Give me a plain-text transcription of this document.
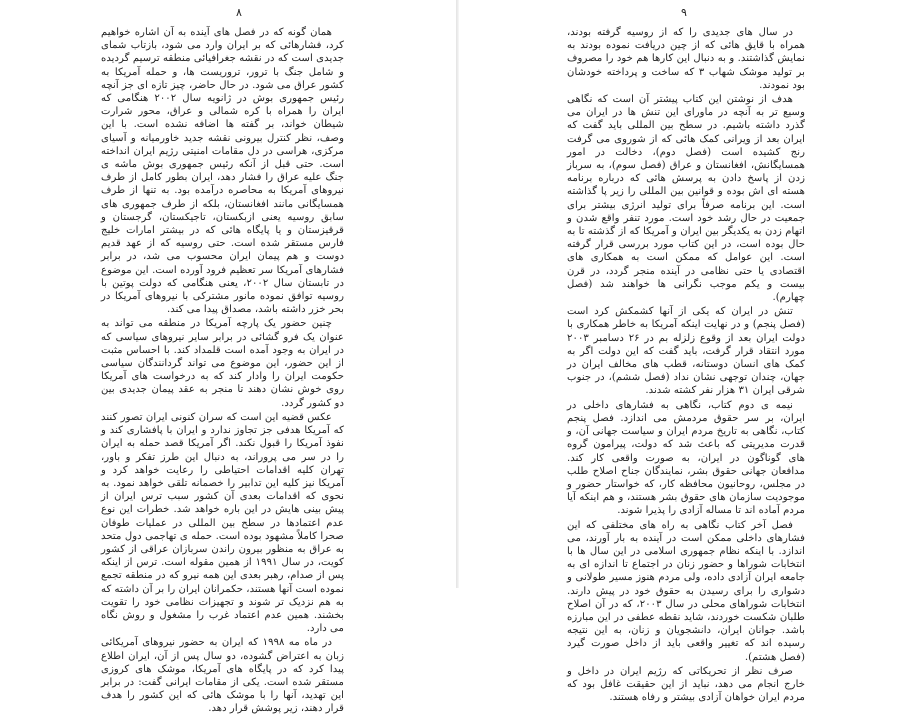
۸

همان گونه که در فصل های آینده به آن اشاره خواهیم کرد، فشارهائی که بر ایران وارد می شود، بازتاب شمای جدیدی است که در نقشه جغرافیائی منطقه ترسیم گردیده و شامل جنگ با ترور، تروریست ها، و حمله آمریکا به کشور عراق می شود. در حال حاضر، چیز تازه ای جز آنچه رئیس جمهوری بوش در ژانویه سال ۲۰۰۲ هنگامی که ایران را همراه با کره شمالی و عراق، محور شرارت شیطان خواند، بر گفته ها اضافه نشده است. با این وصف، نظر کنترل بیرونی نقشه جدید خاورمیانه و آسیای مرکزی، هراسی در دل مقامات امنیتی رژیم ایران انداخته است. حتی قبل از آنکه رئیس جمهوری بوش ماشه ی جنگ علیه عراق را فشار دهد، ایران بطور کامل از طرف نیروهای آمریکا به محاصره درآمده بود. به تنها از طرف همسایگانی مانند افغانستان، بلکه از طرف جمهوری های سابق روسیه یعنی ازبکستان، تاجیکستان، گرجستان و قرقیزستان و یا پایگاه هائی که در بیشتر امارات خلیج فارس مستقر شده است. حتی روسیه که از عهد قدیم دوست و هم پیمان ایران محسوب می شد، در برابر فشارهای آمریکا سر تعظیم فرود آورده است. این موضوع در تابستان سال ۲۰۰۲، یعنی هنگامی که دولت پوتین با روسیه توافق نموده مانور مشترکی با نیروهای آمریکا در بحر خزر داشته باشد، مصداق پیدا می کند.

چنین حضور یک پارچه آمریکا در منطقه می تواند به عنوان یک فرو گشائی در برابر سایر نیروهای سیاسی که در ایران به وجود آمده است قلمداد کند. با احساس مثبت از این حضور، این موضوع می تواند گردانندگان سیاسی حکومت ایران را وادار کند که به درخواست های آمریکا روی خوش نشان دهند تا منجر به عقد پیمان جدیدی بین دو کشور گردد.

عکس قضیه این است که سران کنونی ایران تصور کنند که آمریکا هدفی جز تجاوز ندارد و ایران با پافشاری کند و نفوذ آمریکا را قبول نکند. اگر آمریکا قصد حمله به ایران را در سر می پروراند، به دنبال این طرز تفکر و باور، تهران کلیه اقدامات احتیاطی را رعایت خواهد کرد و آمریکا نیز کلیه این تدابیر را خصمانه تلقی خواهد نمود. به نحوی که اقدامات بعدی آن کشور سبب ترس ایران از پیش بینی هایش در این باره خواهد شد. خطرات این نوع عدم اعتمادها در سطح بین المللی در عملیات طوفان صحرا کاملاً مشهود بوده است. حمله ی تهاجمی دول متحد به عراق به منظور بیرون راندن سربازان عراقی از کشور کویت، در سال ۱۹۹۱ از همین مقوله است. ترس از اینکه پس از صدام، رهبر بعدی این همه نیرو که در منطقه تجمع نموده است آنها هستند، حکمرانان ایران را بر آن داشته که به هم نزدیک تر شوند و تجهیزات نظامی خود را تقویت بخشند. همین عدم اعتماد غرب را مشغول و روش نگاه می دارد.

در ماه مه ۱۹۹۸ که ایران به حضور نیروهای آمریکائی زبان به اعتراض گشوده، دو سال پس از آن، ایران اطلاع پیدا کرد که در پایگاه های آمریکا، موشک های کروزی مستقر شده است. یکی از مقامات ایرانی گفت: در برابر این تهدید، آنها را با موشک هائی که این کشور را هدف قرار دهند، زیر پوشش قرار دهد.

۹

در سال های جدیدی را که از روسیه گرفته بودند، همراه با قایق هائی که از چین دریافت نموده بودند به نمایش گذاشتند. و به دنبال این کارها هم خود را مصروف بر تولید موشک شهاب ۳ که ساخت و پرداخته خودشان بود نمودند.

هدف از نوشتن این کتاب پیشتر آن است که نگاهی وسیع تر به آنچه در ماورای این تنش ها در ایران می گذرد داشته باشیم. در سطح بین المللی باید گفت که ایران بعد از ویرانی کمک هائی که از شوروی می گرفت رنج کشیده است (فصل دوم)، دخالت در امور همسایگانش، افغانستان و عراق (فصل سوم)، به سرباز زدن از پاسخ دادن به پرسش هائی که درباره برنامه هسته ای اش بوده و قوانین بین المللی را زیر پا گذاشته است. این برنامه صرفاً برای تولید انرژی بیشتر برای جمعیت در حال رشد خود است. مورد تنفر واقع شدن و اتهام زدن به یکدیگر بین ایران و آمریکا که از گذشته تا به حال بوده است، در این کتاب مورد بررسی قرار گرفته است. این عوامل که ممکن است به همکاری های اقتصادی یا حتی نظامی در آینده منجر گردد، در قرن بیست و یکم موجب نگرانی ها خواهند شد (فصل چهارم).

تنش در ایران که یکی از آنها کشمکش کرد است (فصل پنجم) و در نهایت اینکه آمریکا به خاطر همکاری با دولت ایران بعد از وقوع زلزله بم در ۲۶ دسامبر ۲۰۰۳ مورد انتقاد قرار گرفت، باید گفت که این دولت اگر به کمک های انسان دوستانه، قطب های مخالف ایران در جهان، چندان توجهی نشان نداد (فصل ششم)، در جنوب شرقی ایران ۳۱ هزار نفر کشته شدند.

نیمه ی دوم کتاب، نگاهی به فشارهای داخلی در ایران، بر سر حقوق مردمش می اندازد. فصل پنجم کتاب، نگاهی به تاریخ مردم ایران و سیاست جهانی آن، و قدرت مدیریتی که باعث شد که دولت، پیرامون گروه های گوناگون در ایران، به صورت واقعی کار کند. مدافعان جهانی حقوق بشر، نمایندگان جناح اصلاح طلب در مجلس، روحانیون محافظه کار، که خواستار حضور و موجودیت سازمان های حقوق بشر هستند، و هم اینکه آیا مردم آماده اند تا مساله آزادی را پذیرا شوند.

فصل آخر کتاب نگاهی به راه های مختلفی که این فشارهای داخلی ممکن است در آینده به بار آورند، می اندازد. با اینکه نظام جمهوری اسلامی در این سال ها با انتخابات شوراها و حضور زنان در اجتماع تا اندازه ای به جامعه ایران آزادی داده، ولی مردم هنوز مسیر طولانی و دشواری را برای رسیدن به حقوق خود در پیش دارند. انتخابات شوراهای محلی در سال ۲۰۰۳، که در آن اصلاح طلبان شکست خوردند، شاید نقطه عطفی در این مبارزه باشد. جوانان ایران، دانشجویان و زنان، به این نتیجه رسیده اند که تغییر واقعی باید از داخل صورت گیرد (فصل هشتم).

صرف نظر از تحریکاتی که رژیم ایران در داخل و خارج انجام می دهد، نباید از این حقیقت غافل بود که مردم ایران خواهان آزادی بیشتر و رفاه هستند.
